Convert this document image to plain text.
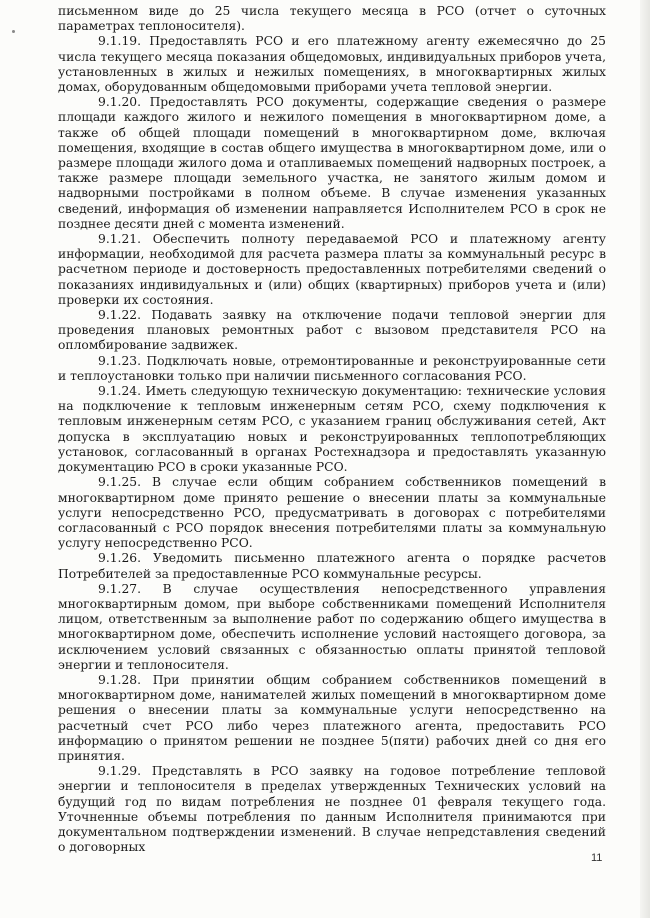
письменном виде до 25 числа текущего месяца в РСО (отчет о суточных параметрах теплоносителя).

9.1.19. Предоставлять РСО и его платежному агенту ежемесячно до 25 числа текущего месяца показания общедомовых, индивидуальных приборов учета, установленных в жилых и нежилых помещениях, в многоквартирных жилых домах, оборудованным общедомовыми приборами учета тепловой энергии.

9.1.20. Предоставлять РСО документы, содержащие сведения о размере площади каждого жилого и нежилого помещения в многоквартирном доме, а также об общей площади помещений в многоквартирном доме, включая помещения, входящие в состав общего имущества в многоквартирном доме, или о размере площади жилого дома и отапливаемых помещений надворных построек, а также размере площади земельного участка, не занятого жилым домом и надворными постройками в полном объеме. В случае изменения указанных сведений, информация об изменении направляется Исполнителем РСО в срок не позднее десяти дней с момента изменений.

9.1.21. Обеспечить полноту передаваемой РСО и платежному агенту информации, необходимой для расчета размера платы за коммунальный ресурс в расчетном периоде и достоверность предоставленных потребителями сведений о показаниях индивидуальных и (или) общих (квартирных) приборов учета и (или) проверки их состояния.

9.1.22. Подавать заявку на отключение подачи тепловой энергии для проведения плановых ремонтных работ с вызовом представителя РСО на опломбирование задвижек.

9.1.23. Подключать новые, отремонтированные и реконструированные сети и теплоустановки только при наличии письменного согласования РСО.

9.1.24. Иметь следующую техническую документацию: технические условия на подключение к тепловым инженерным сетям РСО, схему подключения к тепловым инженерным сетям РСО, с указанием границ обслуживания сетей, Акт допуска в эксплуатацию новых и реконструированных теплопотребляющих установок, согласованный в органах Ростехнадзора и предоставлять указанную документацию РСО в сроки указанные РСО.

9.1.25. В случае если общим собранием собственников помещений в многоквартирном доме принято решение о внесении платы за коммунальные услуги непосредственно РСО, предусматривать в договорах с потребителями согласованный с РСО порядок внесения потребителями платы за коммунальную услугу непосредственно РСО.

9.1.26. Уведомить письменно платежного агента о порядке расчетов Потребителей за предоставленные РСО коммунальные ресурсы.

9.1.27. В случае осуществления непосредственного управления многоквартирным домом, при выборе собственниками помещений Исполнителя лицом, ответственным за выполнение работ по содержанию общего имущества в многоквартирном доме, обеспечить исполнение условий настоящего договора, за исключением условий связанных с обязанностью оплаты принятой тепловой энергии и теплоносителя.

9.1.28. При принятии общим собранием собственников помещений в многоквартирном доме, нанимателей жилых помещений в многоквартирном доме решения о внесении платы за коммунальные услуги непосредственно на расчетный счет РСО либо через платежного агента, предоставить РСО информацию о принятом решении не позднее 5(пяти) рабочих дней со дня его принятия.

9.1.29. Представлять в РСО заявку на годовое потребление тепловой энергии и теплоносителя в пределах утвержденных Технических условий на будущий год по видам потребления не позднее 01 февраля текущего года. Уточненные объемы потребления по данным Исполнителя принимаются при документальном подтверждении изменений. В случае непредставления сведений о договорных

11
